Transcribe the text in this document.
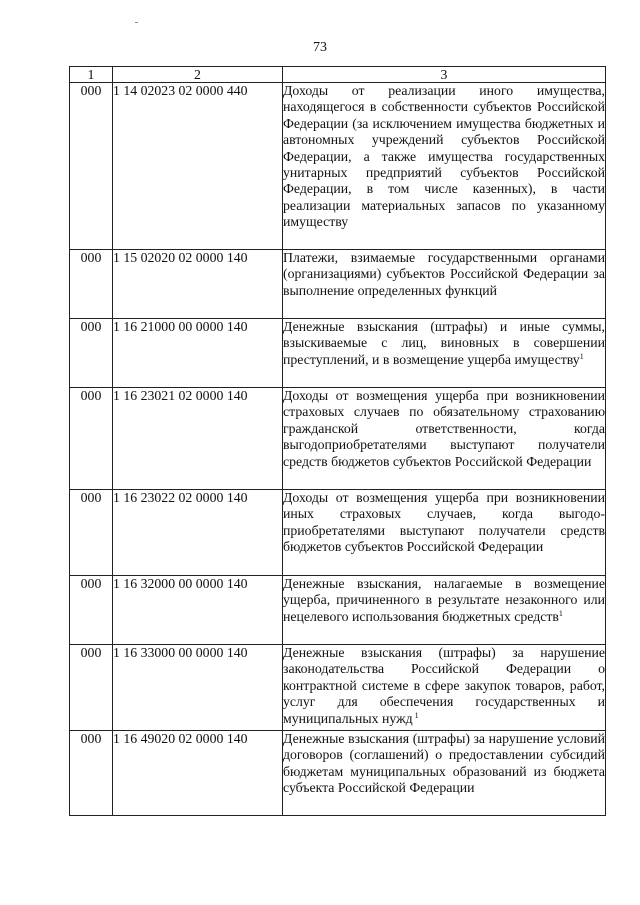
73
1	2	3
000	1 14 02023 02 0000 440	Доходы от реализации иного имущества, находящегося в собственности субъектов Российской Федерации (за исключением имущества бюджетных и автономных учреждений субъектов Российской Федерации, а также имущества государственных унитарных предприятий субъектов Российской Федерации, в том числе казенных), в части реализации материальных запасов по указанному имуществу
000	1 15 02020 02 0000 140	Платежи, взимаемые государственными органами (организациями) субъектов Российской Федерации за выполнение определенных функций
000	1 16 21000 00 0000 140	Денежные взыскания (штрафы) и иные суммы, взыскиваемые с лиц, виновных в совершении преступлений, и в возмещение ущерба имуществу$^1$
000	1 16 23021 02 0000 140	Доходы от возмещения ущерба при возникновении страховых случаев по обязательному страхованию гражданской ответственности, когда выгодоприобретателями выступают получатели средств бюджетов субъектов Российской Федерации
000	1 16 23022 02 0000 140	Доходы от возмещения ущерба при возникновении иных страховых случаев, когда выгодоприобретателями выступают получатели средств бюджетов субъектов Российской Федерации
000	1 16 32000 00 0000 140	Денежные взыскания, налагаемые в возмещение ущерба, причиненного в результате незаконного или нецелевого использования бюджетных средств$^1$
000	1 16 33000 00 0000 140	Денежные взыскания (штрафы) за нарушение законодательства Российской Федерации о контрактной системе в сфере закупок товаров, работ, услуг для обеспечения государственных и муниципальных нужд $^1$
000	1 16 49020 02 0000 140	Денежные взыскания (штрафы) за нарушение условий договоров (соглашений) о предоставлении субсидий бюджетам муниципальных образований из бюджета субъекта Российской Федерации
